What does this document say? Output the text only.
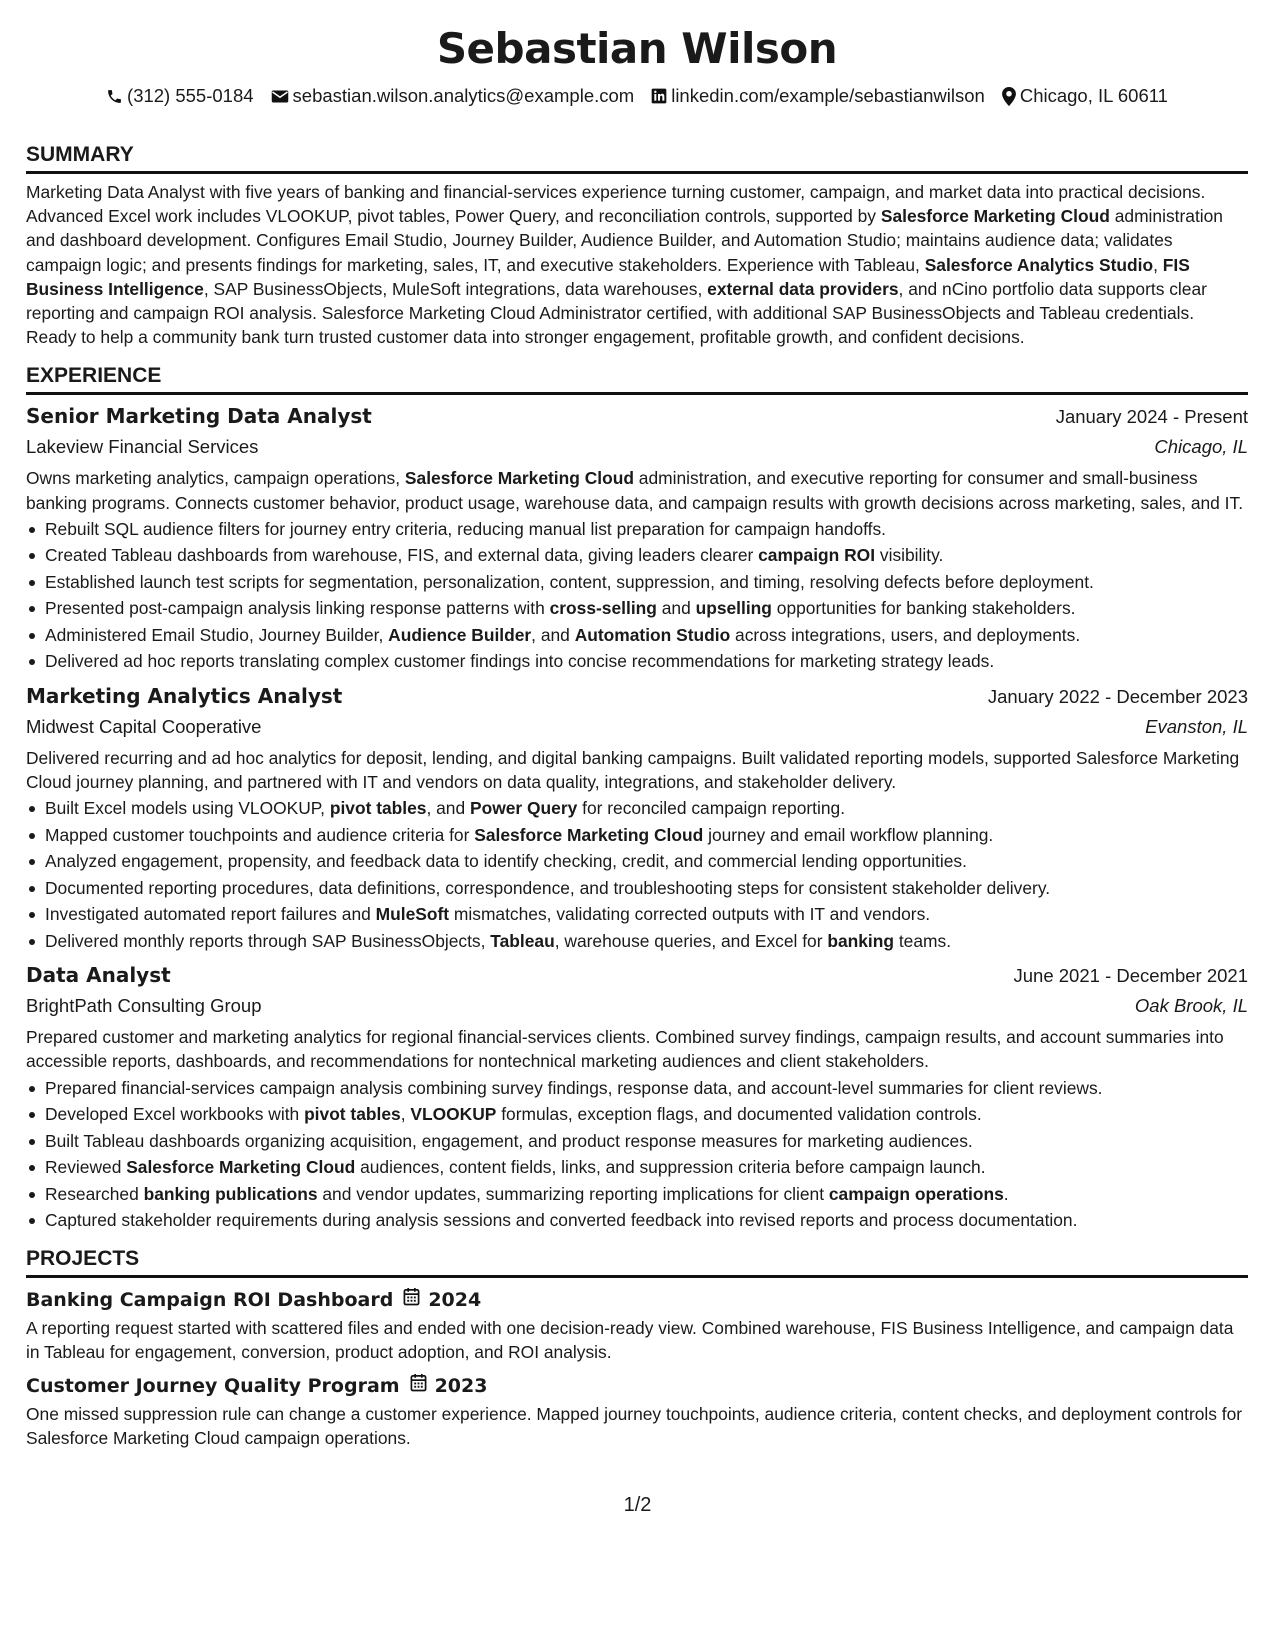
Sebastian Wilson
(312) 555-0184 sebastian.wilson.analytics@example.com linkedin.com/example/sebastianwilson Chicago, IL 60611
SUMMARY

Marketing Data Analyst with five years of banking and financial-services experience turning customer, campaign, and market data into practical decisions. Advanced Excel work includes VLOOKUP, pivot tables, Power Query, and reconciliation controls, supported by Salesforce Marketing Cloud administration and dashboard development. Configures Email Studio, Journey Builder, Audience Builder, and Automation Studio; maintains audience data; validates campaign logic; and presents findings for marketing, sales, IT, and executive stakeholders. Experience with Tableau, Salesforce Analytics Studio, FIS Business Intelligence, SAP BusinessObjects, MuleSoft integrations, data warehouses, external data providers, and nCino portfolio data supports clear reporting and campaign ROI analysis. Salesforce Marketing Cloud Administrator certified, with additional SAP BusinessObjects and Tableau credentials. Ready to help a community bank turn trusted customer data into stronger engagement, profitable growth, and confident decisions.

EXPERIENCE
Senior Marketing Data Analyst	January 2024 - Present
Lakeview Financial Services	Chicago, IL

Owns marketing analytics, campaign operations, Salesforce Marketing Cloud administration, and executive reporting for consumer and small-business banking programs. Connects customer behavior, product usage, warehouse data, and campaign results with growth decisions across marketing, sales, and IT.

Rebuilt SQL audience filters for journey entry criteria, reducing manual list preparation for campaign handoffs.
Created Tableau dashboards from warehouse, FIS, and external data, giving leaders clearer campaign ROI visibility.
Established launch test scripts for segmentation, personalization, content, suppression, and timing, resolving defects before deployment.
Presented post-campaign analysis linking response patterns with cross-selling and upselling opportunities for banking stakeholders.
Administered Email Studio, Journey Builder, Audience Builder, and Automation Studio across integrations, users, and deployments.
Delivered ad hoc reports translating complex customer findings into concise recommendations for marketing strategy leads.
Marketing Analytics Analyst	January 2022 - December 2023
Midwest Capital Cooperative	Evanston, IL

Delivered recurring and ad hoc analytics for deposit, lending, and digital banking campaigns. Built validated reporting models, supported Salesforce Marketing Cloud journey planning, and partnered with IT and vendors on data quality, integrations, and stakeholder delivery.

Built Excel models using VLOOKUP, pivot tables, and Power Query for reconciled campaign reporting.
Mapped customer touchpoints and audience criteria for Salesforce Marketing Cloud journey and email workflow planning.
Analyzed engagement, propensity, and feedback data to identify checking, credit, and commercial lending opportunities.
Documented reporting procedures, data definitions, correspondence, and troubleshooting steps for consistent stakeholder delivery.
Investigated automated report failures and MuleSoft mismatches, validating corrected outputs with IT and vendors.
Delivered monthly reports through SAP BusinessObjects, Tableau, warehouse queries, and Excel for banking teams.
Data Analyst	June 2021 - December 2021
BrightPath Consulting Group	Oak Brook, IL

Prepared customer and marketing analytics for regional financial-services clients. Combined survey findings, campaign results, and account summaries into accessible reports, dashboards, and recommendations for nontechnical marketing audiences and client stakeholders.

Prepared financial-services campaign analysis combining survey findings, response data, and account-level summaries for client reviews.
Developed Excel workbooks with pivot tables, VLOOKUP formulas, exception flags, and documented validation controls.
Built Tableau dashboards organizing acquisition, engagement, and product response measures for marketing audiences.
Reviewed Salesforce Marketing Cloud audiences, content fields, links, and suppression criteria before campaign launch.
Researched banking publications and vendor updates, summarizing reporting implications for client campaign operations.
Captured stakeholder requirements during analysis sessions and converted feedback into revised reports and process documentation.
PROJECTS
Banking Campaign ROI Dashboard 2024

A reporting request started with scattered files and ended with one decision-ready view. Combined warehouse, FIS Business Intelligence, and campaign data in Tableau for engagement, conversion, product adoption, and ROI analysis.

Customer Journey Quality Program 2023

One missed suppression rule can change a customer experience. Mapped journey touchpoints, audience criteria, content checks, and deployment controls for Salesforce Marketing Cloud campaign operations.

1/2
